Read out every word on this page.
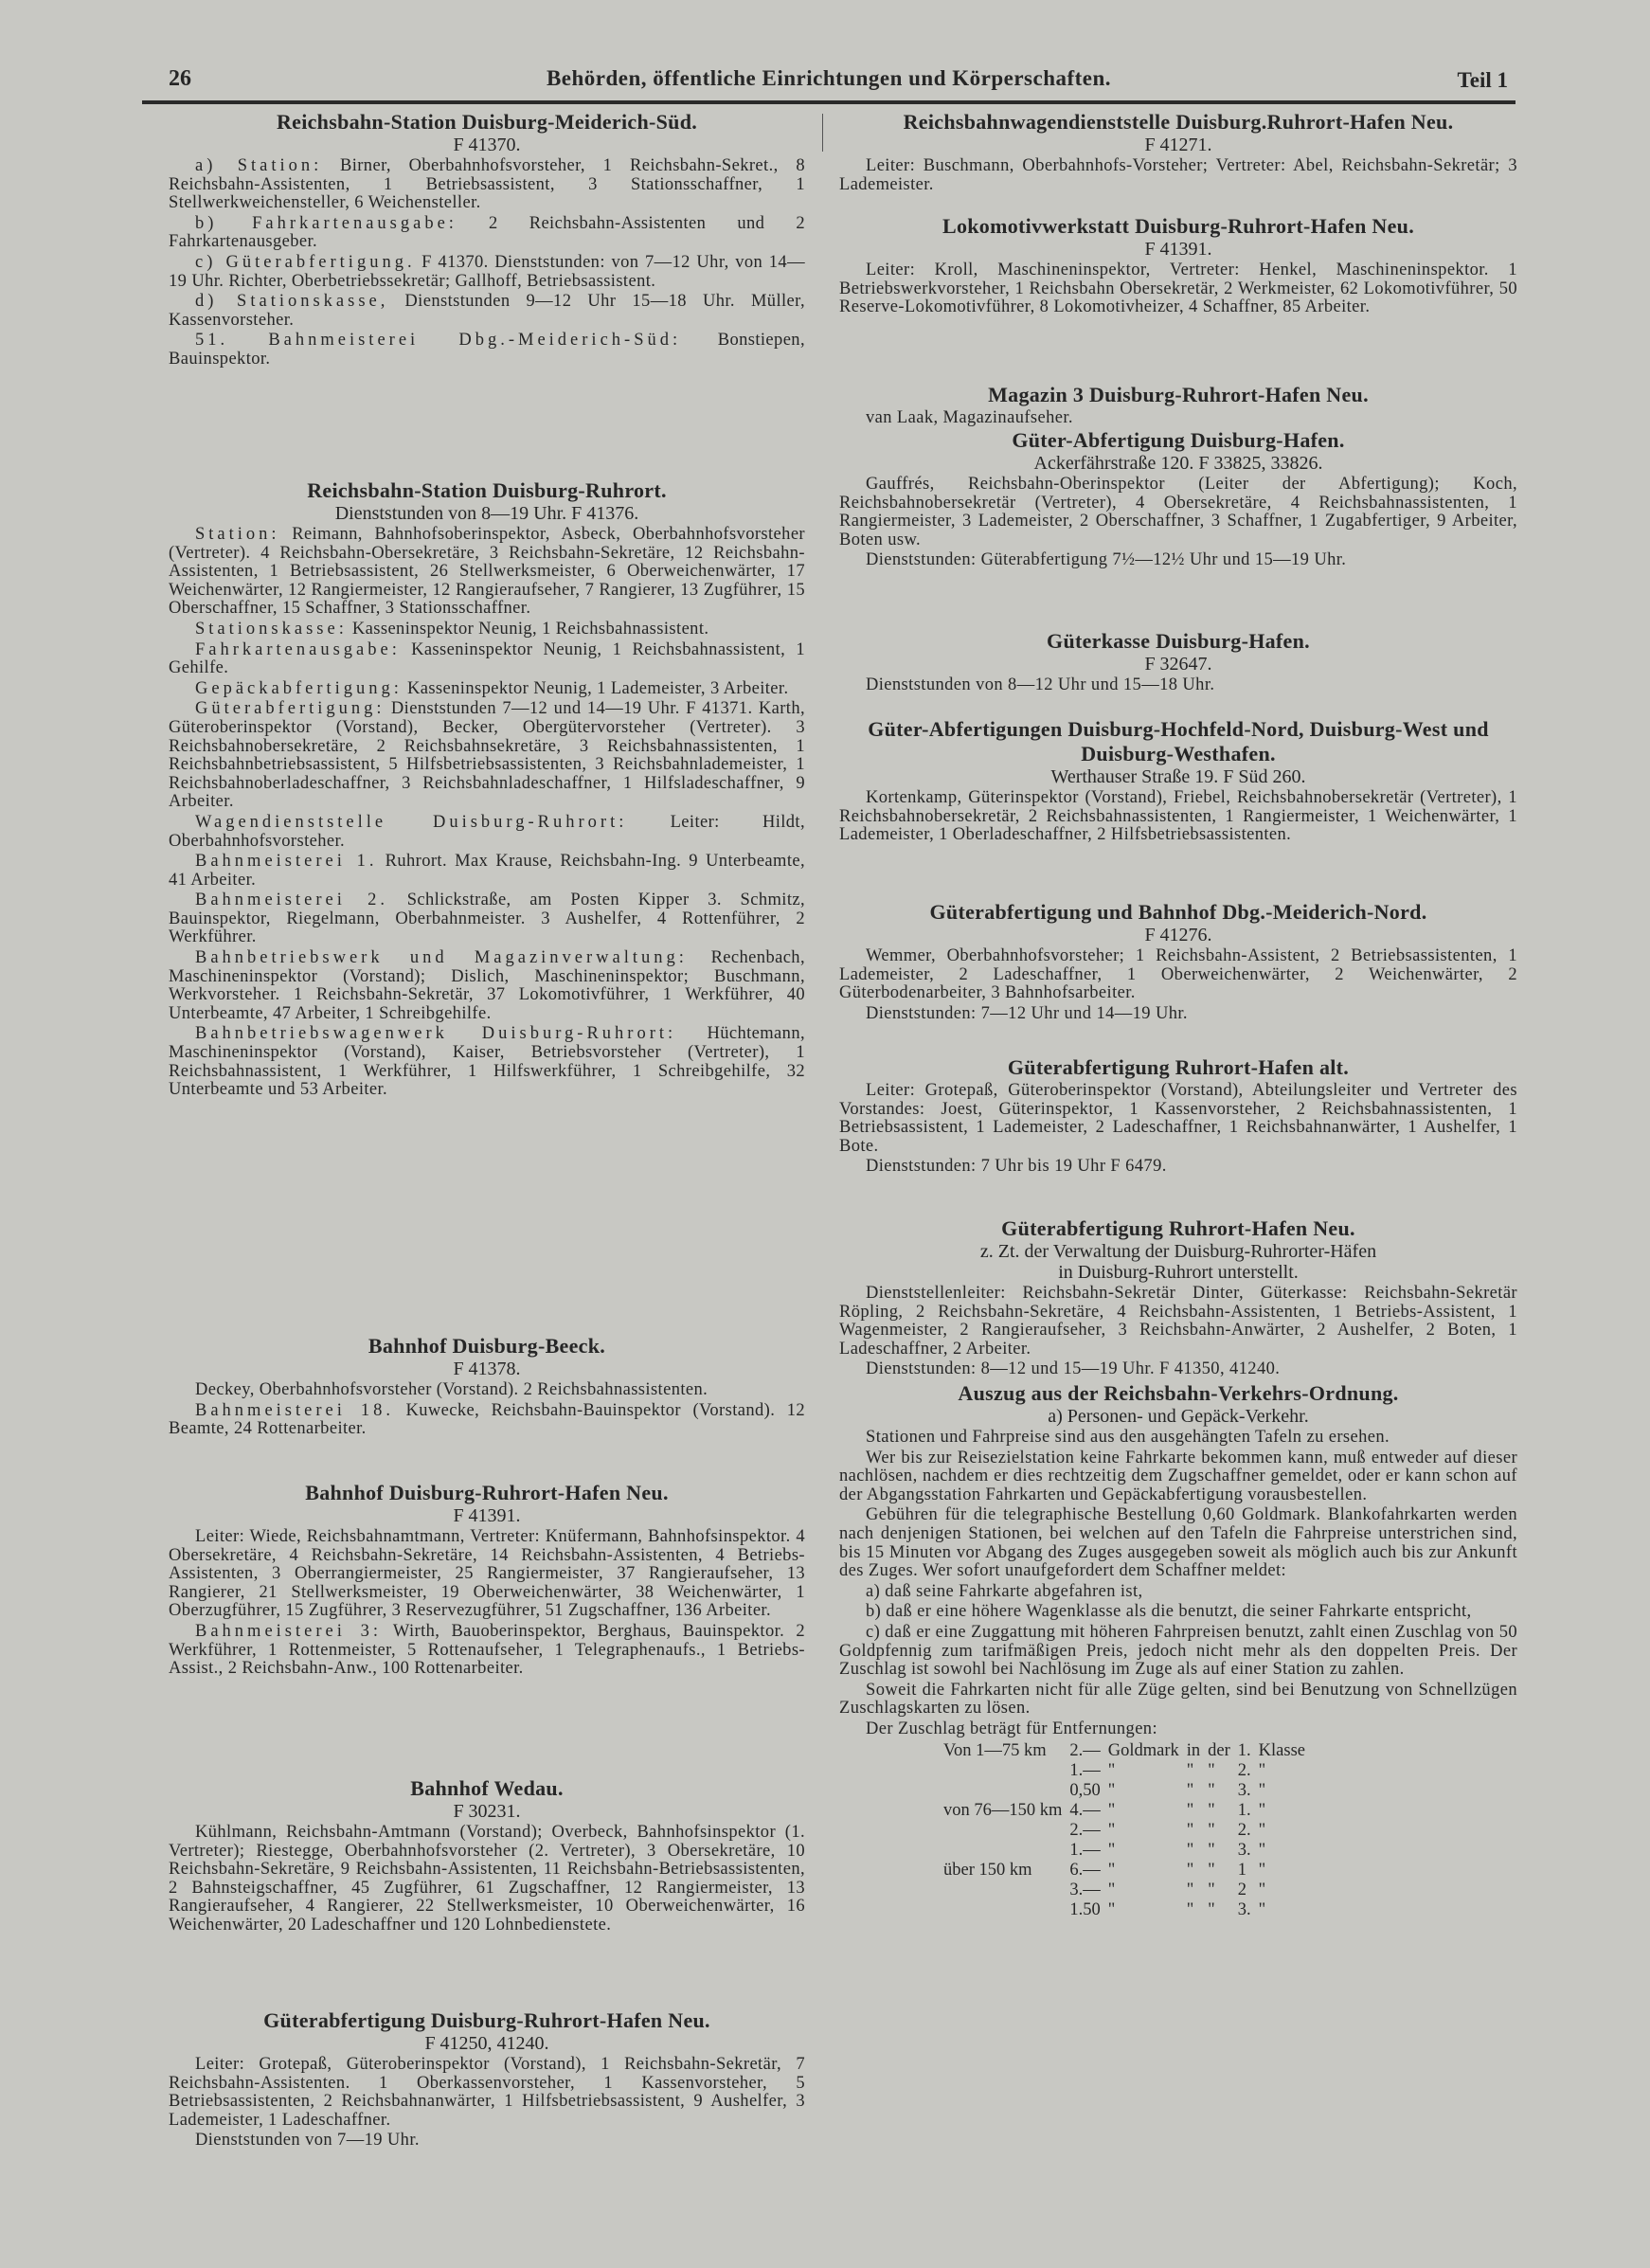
26	Behörden, öffentliche Einrichtungen und Körperschaften.	Teil 1
Reichsbahn-Station Duisburg-Meiderich-Süd.
F 41370.
a) Station: Birner, Oberbahnhofsvorsteher, 1 Reichsbahn-Sekret., 8 Reichsbahn-Assistenten, 1 Betriebsassistent, 3 Stationsschaffner, 1 Stellwerkweichensteller, 6 Weichensteller.
b) Fahrkartenausgabe: 2 Reichsbahn-Assistenten und 2 Fahrkartenausgeber.
c) Güterabfertigung. F 41370. Dienststunden: von 7—12 Uhr, von 14—19 Uhr. Richter, Oberbetriebssekretär; Gallhoff, Betriebsassistent.
d) Stationskasse, Dienststunden 9—12 Uhr 15—18 Uhr. Müller, Kassenvorsteher.
51. Bahnmeisterei Dbg.-Meiderich-Süd: Bonstiepen, Bauinspektor.
Reichsbahn-Station Duisburg-Ruhrort.
Dienststunden von 8—19 Uhr. F 41376.
Station: Reimann, Bahnhofsoberinspektor, Asbeck, Oberbahnhofsvorsteher (Vertreter). 4 Reichsbahn-Obersekretäre, 3 Reichsbahn-Sekretäre, 12 Reichsbahn-Assistenten, 1 Betriebsassistent, 26 Stellwerksmeister, 6 Oberweichenwärter, 17 Weichenwärter, 12 Rangiermeister, 12 Rangieraufseher, 7 Rangierer, 13 Zugführer, 15 Oberschaffner, 15 Schaffner, 3 Stationsschaffner.
Stationskasse: Kasseninspektor Neunig, 1 Reichsbahnassistent.
Fahrkartenausgabe: Kasseninspektor Neunig, 1 Reichsbahnassistent, 1 Gehilfe.
Gepäckabfertigung: Kasseninspektor Neunig, 1 Lademeister, 3 Arbeiter.
Güterabfertigung: Dienststunden 7—12 und 14—19 Uhr. F 41371. Karth, Güteroberinspektor (Vorstand), Becker, Obergütervorsteher (Vertreter). 3 Reichsbahnobersekretäre, 2 Reichsbahnsekretäre, 3 Reichsbahnassistenten, 1 Reichsbahnbetriebsassistent, 5 Hilfsbetriebsassistenten, 3 Reichsbahnlademeister, 1 Reichsbahnoberladeschaffner, 3 Reichsbahnladeschaffner, 1 Hilfsladeschaffner, 9 Arbeiter.
Wagendienststelle Duisburg-Ruhrort: Leiter: Hildt, Oberbahnhofsvorsteher.
Bahnmeisterei 1. Ruhrort. Max Krause, Reichsbahn-Ing. 9 Unterbeamte, 41 Arbeiter.
Bahnmeisterei 2. Schlickstraße, am Posten Kipper 3. Schmitz, Bauinspektor, Riegelmann, Oberbahnmeister. 3 Aushelfer, 4 Rottenführer, 2 Werkführer.
Bahnbetriebswerk und Magazinverwaltung: Rechenbach, Maschineninspektor (Vorstand); Dislich, Maschineninspektor; Buschmann, Werkvorsteher. 1 Reichsbahn-Sekretär, 37 Lokomotivführer, 1 Werkführer, 40 Unterbeamte, 47 Arbeiter, 1 Schreibgehilfe.
Bahnbetriebswagenwerk Duisburg-Ruhrort: Hüchtemann, Maschineninspektor (Vorstand), Kaiser, Betriebsvorsteher (Vertreter), 1 Reichsbahnassistent, 1 Werkführer, 1 Hilfswerkführer, 1 Schreibgehilfe, 32 Unterbeamte und 53 Arbeiter.
Bahnhof Duisburg-Beeck.
F 41378.
Deckey, Oberbahnhofsvorsteher (Vorstand). 2 Reichsbahnassistenten.
Bahnmeisterei 18. Kuwecke, Reichsbahn-Bauinspektor (Vorstand). 12 Beamte, 24 Rottenarbeiter.
Bahnhof Duisburg-Ruhrort-Hafen Neu.
F 41391.
Leiter: Wiede, Reichsbahnamtmann, Vertreter: Knüfermann, Bahnhofsinspektor. 4 Obersekretäre, 4 Reichsbahn-Sekretäre, 14 Reichsbahn-Assistenten, 4 Betriebs-Assistenten, 3 Oberrangiermeister, 25 Rangiermeister, 37 Rangieraufseher, 13 Rangierer, 21 Stellwerksmeister, 19 Oberweichenwärter, 38 Weichenwärter, 1 Oberzugführer, 15 Zugführer, 3 Reservezugführer, 51 Zugschaffner, 136 Arbeiter.
Bahnmeisterei 3: Wirth, Bauoberinspektor, Berghaus, Bauinspektor. 2 Werkführer, 1 Rottenmeister, 5 Rottenaufseher, 1 Telegraphenaufs., 1 Betriebs-Assist., 2 Reichsbahn-Anw., 100 Rottenarbeiter.
Bahnhof Wedau.
F 30231.
Kühlmann, Reichsbahn-Amtmann (Vorstand); Overbeck, Bahnhofsinspektor (1. Vertreter); Riestegge, Oberbahnhofsvorsteher (2. Vertreter), 3 Obersekretäre, 10 Reichsbahn-Sekretäre, 9 Reichsbahn-Assistenten, 11 Reichsbahn-Betriebsassistenten, 2 Bahnsteigschaffner, 45 Zugführer, 61 Zugschaffner, 12 Rangiermeister, 13 Rangieraufseher, 4 Rangierer, 22 Stellwerksmeister, 10 Oberweichenwärter, 16 Weichenwärter, 20 Ladeschaffner und 120 Lohnbedienstete.
Güterabfertigung Duisburg-Ruhrort-Hafen Neu.
F 41250, 41240.
Leiter: Grotepaß, Güteroberinspektor (Vorstand), 1 Reichsbahn-Sekretär, 7 Reichsbahn-Assistenten. 1 Oberkassenvorsteher, 1 Kassenvorsteher, 5 Betriebsassistenten, 2 Reichsbahnanwärter, 1 Hilfsbetriebsassistent, 9 Aushelfer, 3 Lademeister, 1 Ladeschaffner.
Dienststunden von 7—19 Uhr.
Reichsbahnwagendienststelle Duisburg.Ruhrort-Hafen Neu.
F 41271.
Leiter: Buschmann, Oberbahnhofs-Vorsteher; Vertreter: Abel, Reichsbahn-Sekretär; 3 Lademeister.
Lokomotivwerkstatt Duisburg-Ruhrort-Hafen Neu.
F 41391.
Leiter: Kroll, Maschineninspektor, Vertreter: Henkel, Maschineninspektor. 1 Betriebswerkvorsteher, 1 Reichsbahn Obersekretär, 2 Werkmeister, 62 Lokomotivführer, 50 Reserve-Lokomotivführer, 8 Lokomotivheizer, 4 Schaffner, 85 Arbeiter.
Magazin 3 Duisburg-Ruhrort-Hafen Neu.
van Laak, Magazinaufseher.
Güter-Abfertigung Duisburg-Hafen.
Ackerfährstraße 120. F 33825, 33826.
Gauffrés, Reichsbahn-Oberinspektor (Leiter der Abfertigung); Koch, Reichsbahnobersekretär (Vertreter), 4 Obersekretäre, 4 Reichsbahnassistenten, 1 Rangiermeister, 3 Lademeister, 2 Oberschaffner, 3 Schaffner, 1 Zugabfertiger, 9 Arbeiter, Boten usw.
Dienststunden: Güterabfertigung 7½—12½ Uhr und 15—19 Uhr.
Güterkasse Duisburg-Hafen.
F 32647.
Dienststunden von 8—12 Uhr und 15—18 Uhr.
Güter-Abfertigungen Duisburg-Hochfeld-Nord, Duisburg-West und Duisburg-Westhafen.
Werthauser Straße 19. F Süd 260.
Kortenkamp, Güterinspektor (Vorstand), Friebel, Reichsbahnobersekretär (Vertreter), 1 Reichsbahnobersekretär, 2 Reichsbahnassistenten, 1 Rangiermeister, 1 Weichenwärter, 1 Lademeister, 1 Oberladeschaffner, 2 Hilfsbetriebsassistenten.
Güterabfertigung und Bahnhof Dbg.-Meiderich-Nord.
F 41276.
Wemmer, Oberbahnhofsvorsteher; 1 Reichsbahn-Assistent, 2 Betriebsassistenten, 1 Lademeister, 2 Ladeschaffner, 1 Oberweichenwärter, 2 Weichenwärter, 2 Güterbodenarbeiter, 3 Bahnhofsarbeiter.
Dienststunden: 7—12 Uhr und 14—19 Uhr.
Güterabfertigung Ruhrort-Hafen alt.
Leiter: Grotepaß, Güteroberinspektor (Vorstand), Abteilungsleiter und Vertreter des Vorstandes: Joest, Güterinspektor, 1 Kassenvorsteher, 2 Reichsbahnassistenten, 1 Betriebsassistent, 1 Lademeister, 2 Ladeschaffner, 1 Reichsbahnanwärter, 1 Aushelfer, 1 Bote.
Dienststunden: 7 Uhr bis 19 Uhr F 6479.
Güterabfertigung Ruhrort-Hafen Neu.
z. Zt. der Verwaltung der Duisburg-Ruhrorter-Häfen
in Duisburg-Ruhrort unterstellt.
Dienststellenleiter: Reichsbahn-Sekretär Dinter, Güterkasse: Reichsbahn-Sekretär Röpling, 2 Reichsbahn-Sekretäre, 4 Reichsbahn-Assistenten, 1 Betriebs-Assistent, 1 Wagenmeister, 2 Rangieraufseher, 3 Reichsbahn-Anwärter, 2 Aushelfer, 2 Boten, 1 Ladeschaffner, 2 Arbeiter.
Dienststunden: 8—12 und 15—19 Uhr. F 41350, 41240.
Auszug aus der Reichsbahn-Verkehrs-Ordnung.
a) Personen- und Gepäck-Verkehr.
Stationen und Fahrpreise sind aus den ausgehängten Tafeln zu ersehen.
Wer bis zur Reisezielstation keine Fahrkarte bekommen kann, muß entweder auf dieser nachlösen, nachdem er dies rechtzeitig dem Zugschaffner gemeldet, oder er kann schon auf der Abgangsstation Fahrkarten und Gepäckabfertigung vorausbestellen.
Gebühren für die telegraphische Bestellung 0,60 Goldmark. Blankofahrkarten werden nach denjenigen Stationen, bei welchen auf den Tafeln die Fahrpreise unterstrichen sind, bis 15 Minuten vor Abgang des Zuges ausgegeben soweit als möglich auch bis zur Ankunft des Zuges. Wer sofort unaufgefordert dem Schaffner meldet:
a) daß seine Fahrkarte abgefahren ist,
b) daß er eine höhere Wagenklasse als die benutzt, die seiner Fahrkarte entspricht,
c) daß er eine Zuggattung mit höheren Fahrpreisen benutzt, zahlt einen Zuschlag von 50 Goldpfennig zum tarifmäßigen Preis, jedoch nicht mehr als den doppelten Preis. Der Zuschlag ist sowohl bei Nachlösung im Zuge als auf einer Station zu zahlen.
Soweit die Fahrkarten nicht für alle Züge gelten, sind bei Benutzung von Schnellzügen Zuschlagskarten zu lösen.
Der Zuschlag beträgt für Entfernungen:
Von 1—75 km	2.—	Goldmark	in	der	1.	Klasse
	1.—	"	"	"	2.	"
	0,50	"	"	"	3.	"
von 76—150 km	4.—	"	"	"	1.	"
	2.—	"	"	"	2.	"
	1.—	"	"	"	3.	"
über 150 km	6.—	"	"	"	1	"
	3.—	"	"	"	2	"
	1.50	"	"	"	3.	"
